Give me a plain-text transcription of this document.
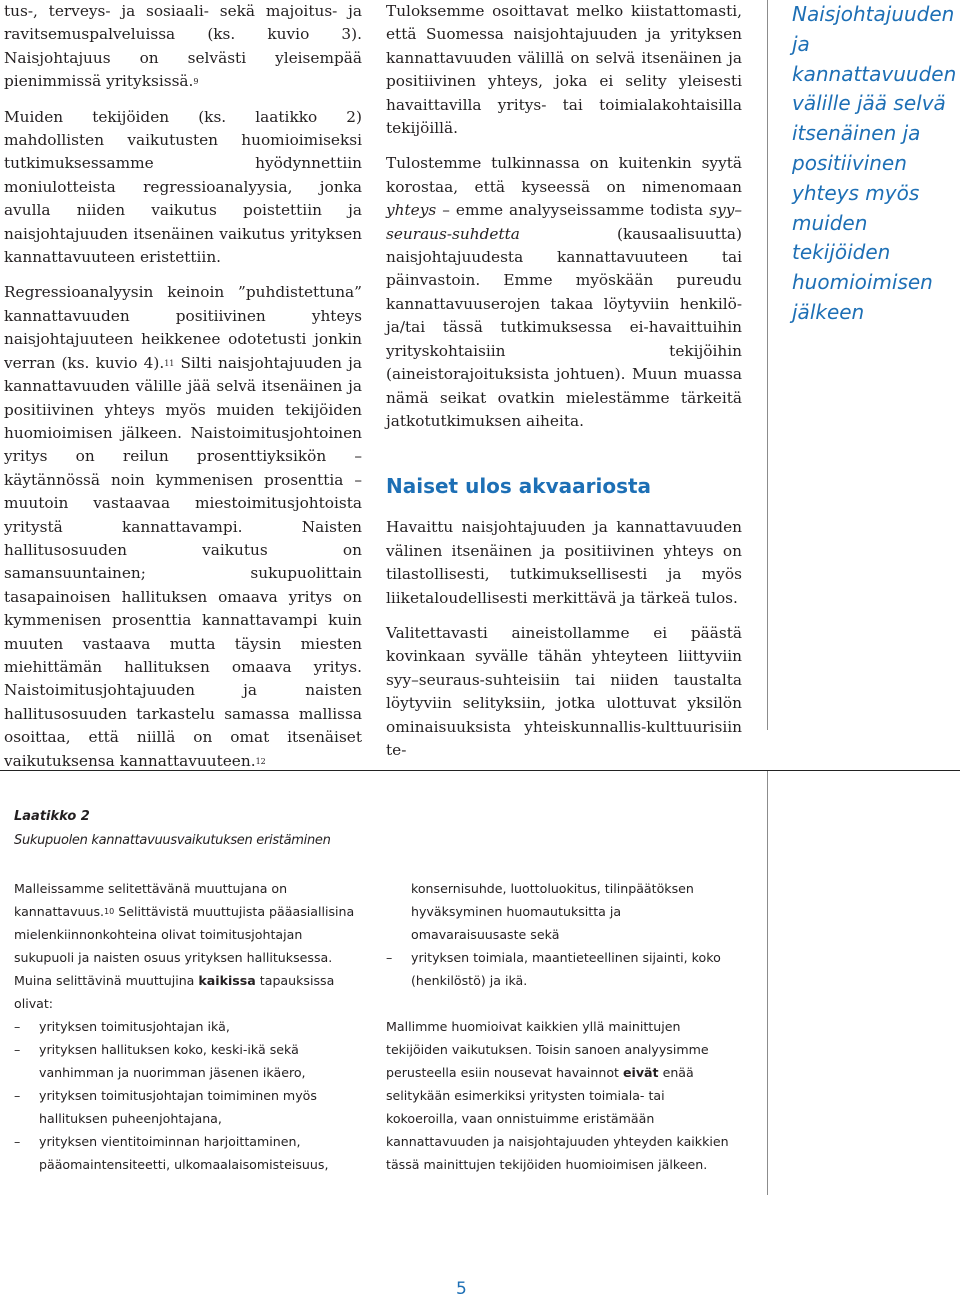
tus-, terveys- ja sosiaali- sekä majoitus- ja ravitsemuspalveluissa (ks. kuvio 3). Naisjohtajuus on selvästi yleisempää pienimmissä yrityksissä.$^9$

Muiden tekijöiden (ks. laatikko 2) mahdollisten vaikutusten huomioimiseksi tutkimuksessamme hyödynnettiin moniulotteista regressioanalyysia, jonka avulla niiden vaikutus poistettiin ja naisjohtajuuden itsenäinen vaikutus yrityksen kannattavuuteen eristettiin.

Regressioanalyysin keinoin ”puhdistettuna” kannattavuuden positiivinen yhteys naisjohtajuuteen heikkenee odotetusti jonkin verran (ks. kuvio 4).$^{11}$ Silti naisjohtajuuden ja kannattavuuden välille jää selvä itsenäinen ja positiivinen yhteys myös muiden tekijöiden huomioimisen jälkeen. Naistoimitusjohtoinen yritys on reilun prosenttiyksikön – käytännössä noin kymmenisen prosenttia – muutoin vastaavaa miestoimitusjohtoista yritystä kannattavampi. Naisten hallitusosuuden vaikutus on samansuuntainen; sukupuolittain tasapainoisen hallituksen omaava yritys on kymmenisen prosenttia kannattavampi kuin muuten vastaava mutta täysin miesten miehittämän hallituksen omaava yritys. Naistoimitusjohtajuuden ja naisten hallitusosuuden tarkastelu samassa mallissa osoittaa, että niillä on omat itsenäiset vaikutuksensa kannattavuuteen.$^{12}$

Tuloksemme osoittavat melko kiistattomasti, että Suomessa naisjohtajuuden ja yrityksen kannattavuuden välillä on selvä itsenäinen ja positiivinen yhteys, joka ei selity yleisesti havaittavilla yritys- tai toimialakohtaisilla tekijöillä.

Tulostemme tulkinnassa on kuitenkin syytä korostaa, että kyseessä on nimenomaan yhteys – emme analyyseissamme todista syy–seuraus-suhdetta (kausaalisuutta) naisjohtajuudesta kannattavuuteen tai päinvastoin. Emme myöskään pureudu kannattavuuserojen takaa löytyviin henkilö- ja/tai tässä tutkimuksessa ei-havaittuihin yrityskohtaisiin tekijöihin (aineistorajoituksista johtuen). Muun muassa nämä seikat ovatkin mielestämme tärkeitä jatkotutkimuksen aiheita.

Naiset ulos akvaariosta

Havaittu naisjohtajuuden ja kannattavuuden välinen itsenäinen ja positiivinen yhteys on tilastollisesti, tutkimuksellisesti ja myös liiketaloudellisesti merkittävä ja tärkeä tulos.

Valitettavasti aineistollamme ei päästä kovinkaan syvälle tähän yhteyteen liittyviin syy–seuraus-suhteisiin tai niiden taustalta löytyviin selityksiin, jotka ulottuvat yksilön ominaisuuksista yhteiskunnallis-kulttuurisiin te-

Naisjohtajuuden ja kannattavuuden välille jää selvä itsenäinen ja positiivinen yhteys myös muiden tekijöiden huomioimisen jälkeen

Laatikko 2
Sukupuolen kannattavuusvaikutuksen eristäminen

Malleissamme selitettävänä muuttujana on kannattavuus.$^{10}$ Selittävistä muuttujista pääasiallisina mielenkiinnonkohteina olivat toimitusjohtajan sukupuoli ja naisten osuus yrityksen hallituksessa. Muina selittävinä muuttujina kaikissa tapauksissa olivat:

– yrityksen toimitusjohtajan ikä,
– yrityksen hallituksen koko, keski-ikä sekä vanhimman ja nuorimman jäsenen ikäero,
– yrityksen toimitusjohtajan toimiminen myös hallituksen puheenjohtajana,
– yrityksen vientitoiminnan harjoittaminen, pääomaintensiteetti, ulkomaalaisomisteisuus,
konsernisuhde, luottoluokitus, tilinpäätöksen hyväksyminen huomautuksitta ja omavaraisuusaste sekä
– yrityksen toimiala, maantieteellinen sijainti, koko (henkilöstö) ja ikä.

Mallimme huomioivat kaikkien yllä mainittujen tekijöiden vaikutuksen. Toisin sanoen analyysimme perusteella esiin nousevat havainnot eivät enää selitykään esimerkiksi yritysten toimiala- tai kokoeroilla, vaan onnistuimme eristämään kannattavuuden ja naisjohtajuuden yhteyden kaikkien tässä mainittujen tekijöiden huomioimisen jälkeen.

5
